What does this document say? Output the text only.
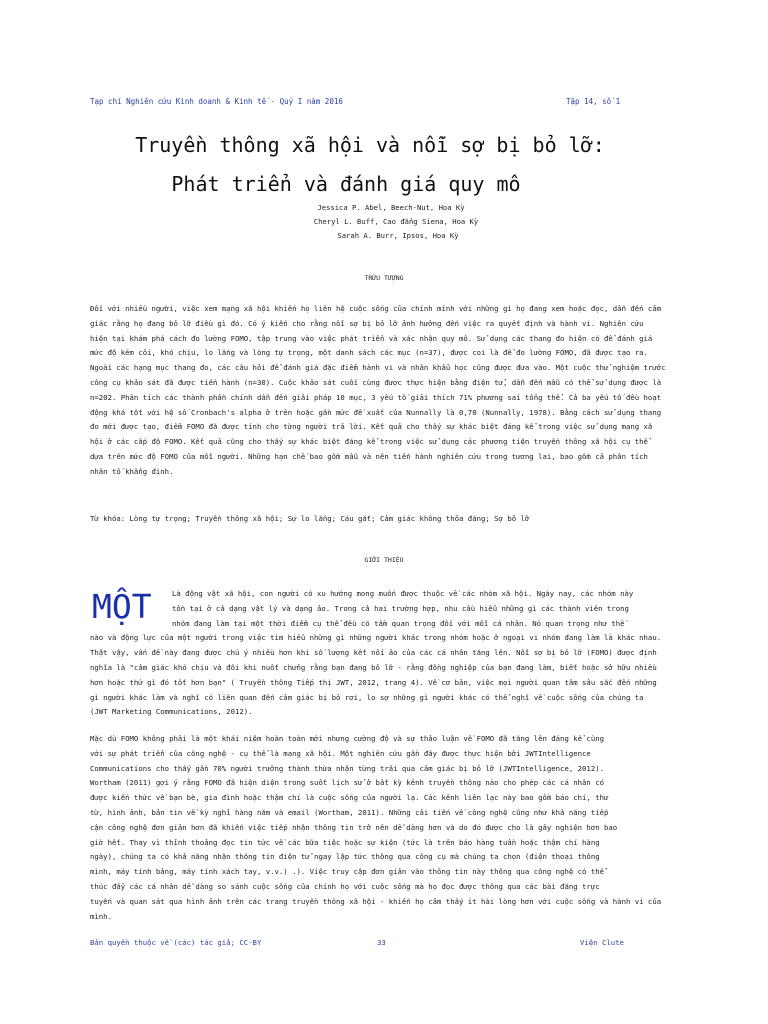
Tạp chí Nghiên cứu Kinh doanh & Kinh tế - Quý I năm 2016	Tập 14, số 1
Truyền thông xã hội và nỗi sợ bị bỏ lỡ:
Phát triển và đánh giá quy mô
Jessica P. Abel, Beech-Nut, Hoa Kỳ
Cheryl L. Buff, Cao đẳng Siena, Hoa Kỳ
Sarah A. Burr, Ipsos, Hoa Kỳ
TRỪU TƯỢNG

Đối với nhiều người, việc xem mạng xã hội khiến họ liên hệ cuộc sống của chính mình với những gì họ đang xem hoặc đọc, dẫn đến cảm
giác rằng họ đang bỏ lỡ điều gì đó. Có ý kiến cho rằng nỗi sợ bị bỏ lỡ ảnh hưởng đến việc ra quyết định và hành vi. Nghiên cứu
hiện tại khám phá cách đo lường FOMO, tập trung vào việc phát triển và xác nhận quy mô. Sử dụng các thang đo hiện có để đánh giá
mức độ kém cỏi, khó chịu, lo lắng và lòng tự trọng, một danh sách các mục (n=37), được coi là để đo lường FOMO, đã được tạo ra.
Ngoài các hạng mục thang đo, các câu hỏi để đánh giá đặc điểm hành vi và nhân khẩu học cũng được đưa vào. Một cuộc thử nghiệm trước
công cụ khảo sát đã được tiến hành (n=30). Cuộc khảo sát cuối cùng được thực hiện bằng điện tử, dẫn đến mẫu có thể sử dụng được là
n=202. Phân tích các thành phần chính dẫn đến giải pháp 10 mục, 3 yếu tố giải thích 71% phương sai tổng thể. Cả ba yếu tố đều hoạt
động khá tốt với hệ số Cronbach's alpha ở trên hoặc gần mức đề xuất của Nunnally là 0,70 (Nunnally, 1978). Bằng cách sử dụng thang
đo mới được tạo, điểm FOMO đã được tính cho từng người trả lời. Kết quả cho thấy sự khác biệt đáng kể trong việc sử dụng mạng xã
hội ở các cấp độ FOMO. Kết quả cũng cho thấy sự khác biệt đáng kể trong việc sử dụng các phương tiện truyền thông xã hội cụ thể
dựa trên mức độ FOMO của mỗi người. Những hạn chế bao gồm mẫu và nên tiến hành nghiên cứu trong tương lai, bao gồm cả phân tích
nhân tố khẳng định.

Từ khóa: Lòng tự trọng; Truyền thông xã hội; Sự lo lắng; Cáu gắt; Cảm giác không thỏa đáng; Sợ bỏ lỡ

GIỚI THIỆU
MỘT	Là động vật xã hội, con người có xu hướng mong muốn được thuộc về các nhóm xã hội. Ngày nay, các nhóm này
tồn tại ở cả dạng vật lý và dạng ảo. Trong cả hai trường hợp, nhu cầu hiểu những gì các thành viên trong
nhóm đang làm tại một thời điểm cụ thể đều có tầm quan trọng đối với mỗi cá nhân. Nó quan trọng như thế
nào và động lực của một người trong việc tìm hiểu những gì những người khác trong nhóm hoặc ở ngoại vi nhóm đang làm là khác nhau.
Thật vậy, vấn đề này đang được chú ý nhiều hơn khi số lượng kết nối ảo của các cá nhân tăng lên. Nỗi sợ bị bỏ lỡ (FOMO) được định
nghĩa là "cảm giác khó chịu và đôi khi nuốt chửng rằng bạn đang bỏ lỡ - rằng đồng nghiệp của bạn đang làm, biết hoặc sở hữu nhiều
hơn hoặc thứ gì đó tốt hơn bạn" ( Truyền thông Tiếp thị JWT, 2012, trang 4). Về cơ bản, việc mọi người quan tâm sâu sắc đến những
gì người khác làm và nghĩ có liên quan đến cảm giác bị bỏ rơi, lo sợ những gì người khác có thể nghĩ về cuộc sống của chúng ta
(JWT Marketing Communications, 2012).

Mặc dù FOMO không phải là một khái niệm hoàn toàn mới nhưng cường độ và sự thảo luận về FOMO đã tăng lên đáng kể cùng
với sự phát triển của công nghệ - cụ thể là mạng xã hội. Một nghiên cứu gần đây được thực hiện bởi JWTIntelligence
Communications cho thấy gần 70% người trưởng thành thừa nhận từng trải qua cảm giác bị bỏ lỡ (JWTIntelligence, 2012).
Wortham (2011) gợi ý rằng FOMO đã hiện diện trong suốt lịch sử ở bất kỳ kênh truyền thông nào cho phép các cá nhân có
được kiến thức về bạn bè, gia đình hoặc thậm chí là cuộc sống của người lạ. Các kênh liên lạc này bao gồm báo chí, thư
từ, hình ảnh, bản tin về kỳ nghỉ hàng năm và email (Wortham, 2011). Những cải tiến về công nghệ cũng như khả năng tiếp
cận công nghệ đơn giản hơn đã khiến việc tiếp nhận thông tin trở nên dễ dàng hơn và do đó được cho là gây nghiện hơn bao
giờ hết. Thay vì thỉnh thoảng đọc tin tức về các bữa tiệc hoặc sự kiện (tức là trên báo hàng tuần hoặc thậm chí hàng
ngày), chúng ta có khả năng nhận thông tin điện tử ngay lập tức thông qua công cụ mà chúng ta chọn (điện thoại thông
minh, máy tính bảng, máy tính xách tay, v.v.) .). Việc truy cập đơn giản vào thông tin này thông qua công nghệ có thể
thúc đẩy các cá nhân dễ dàng so sánh cuộc sống của chính họ với cuộc sống mà họ đọc được thông qua các bài đăng trực
tuyến và quan sát qua hình ảnh trên các trang truyền thông xã hội - khiến họ cảm thấy ít hài lòng hơn với cuộc sống và hành vi của mình.

Bản quyền thuộc về (các) tác giả; CC-BY	33	Viện Clute
